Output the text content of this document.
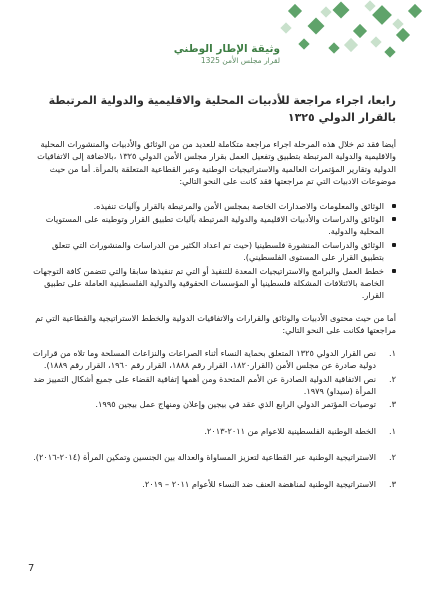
وثيقة الإطار الوطني
لقرار مجلس الأمن 1325
رابعا، اجراء مراجعة للأدبيات المحلية والاقليمية والدولية المرتبطة بالقرار الدولي ١٣٢٥

أيضا فقد تم خلال هذه المرحلة اجراء مراجعة متكاملة للعديد من من الوثائق والأدبيات والمنشورات المحلية والاقليمية والدولية المرتبطة بتطبيق وتفعيل العمل بقرار مجلس الأمن الدولي ١٣٢٥ ،بالاضافة إلى الاتفاقيات الدولية وتقارير المؤتمرات العالمية والاستراتيجيات الوطنية وعبر القطاعية المتعلقة بالمرأة. أما من حيث موضوعات الادبيات التي تم مراجعتها فقد كانت على النحو التالي:

الوثائق والمعلومات والاصدارات الخاصة بمجلس الأمن والمرتبطة بالقرار وآليات تنفيذه.
الوثائق والدراسات والأدبيات الاقليمية والدولية المرتبطة بآليات تطبيق القرار وتوطينه على المستويات المحلية والدولية.
الوثائق والدراسات المنشورة فلسطينيا (حيث تم اعداد الكثير من الدراسات والمنشورات التي تتعلق بتطبيق القرار على المستوى الفلسطيني).
خطط العمل والبرامج والاستراتيجيات المعدة للتنفيذ أو التي تم تنفيذها سابقا والتي تتضمن كافة التوجهات الخاصة بالائتلافات المشكلة فلسطينيا أو المؤسسات الحقوقية والدولية الفلسطينية العاملة على تطبيق القرار.

أما من حيث محتوى الأدبيات والوثائق والقرارات والاتفاقيات الدولية والخطط الاستراتيجية والقطاعية التي تم مراجعتها فكانت على النحو التالي:

١.
نص القرار الدولي ١٣٢٥ المتعلق بحماية النساء أثناء الصراعات والنزاعات المسلحة وما تلاه من قرارات دولية صادرة عن مجلس الأمن (القرار١٨٢٠، القرار رقم ١٨٨٨، القرار رقم ١٩٦٠، القرار رقم ١٨٨٩).
٢.
نص الاتفاقية الدولية الصادرة عن الأمم المتحدة ومن أهمها إتفاقية القضاء على جميع أشكال التمييز ضد المرأة (سيداو) ١٩٧٩.
٣.
توصيات المؤتمر الدولي الرابع الذي عقد في بيجين وإعلان ومنهاج عمل بيجين ١٩٩٥.
١.
الخطة الوطنية الفلسطينية للاعوام من ٢٠١١-٢٠١٣.
٢.
الاستراتيجية الوطنية عبر القطاعية لتعزيز المساواة والعدالة بين الجنسين وتمكين المرأة (٢٠١٤-٢٠١٦).
٣.
الاستراتيجية الوطنية لمناهضة العنف ضد النساء للأعوام ٢٠١١ – ٢٠١٩.
7
